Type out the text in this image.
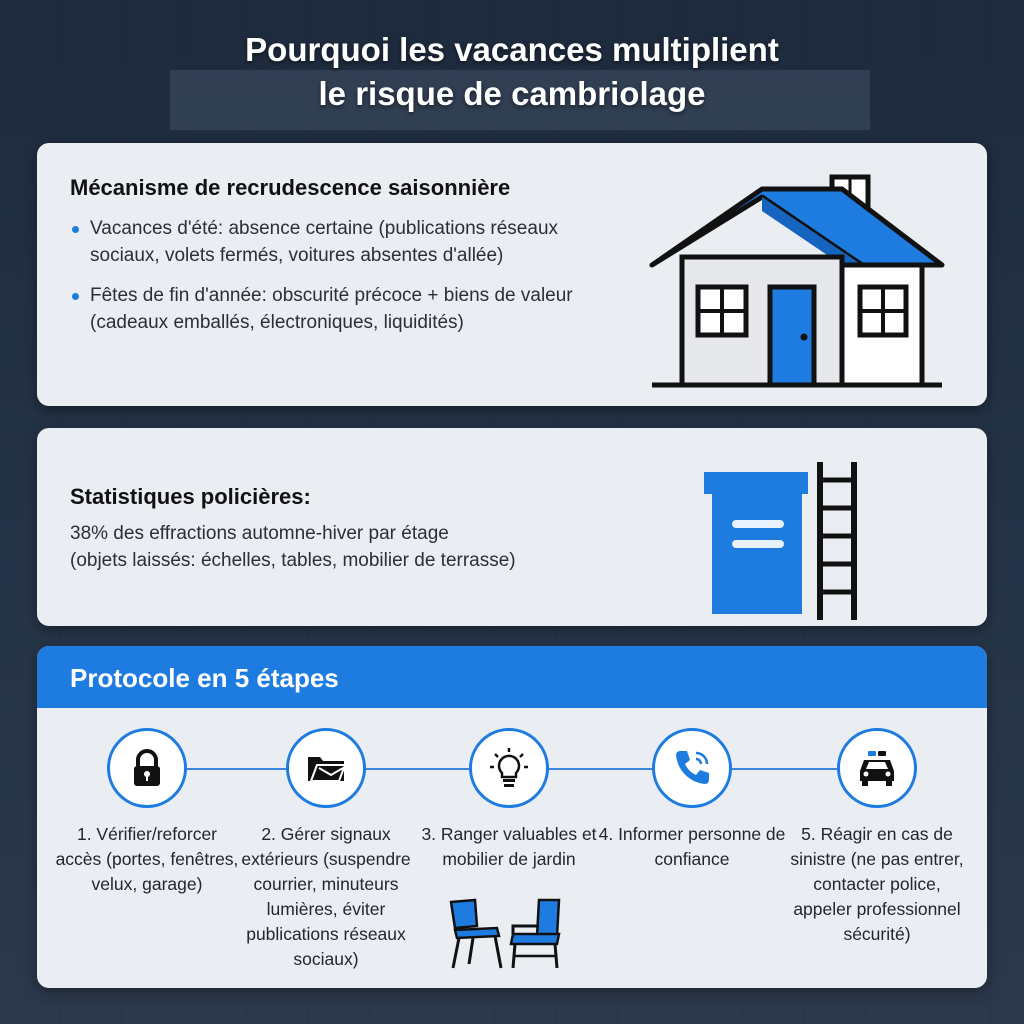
Pourquoi les vacances multiplient
le risque de cambriolage
Mécanisme de recrudescence saisonnière
Vacances d'été: absence certaine (publications réseaux sociaux, volets fermés, voitures absentes d'allée)
Fêtes de fin d'année: obscurité précoce + biens de valeur (cadeaux emballés, électroniques, liquidités)
Statistiques policières:
38% des effractions automne-hiver par étage
(objets laissés: échelles, tables, mobilier de terrasse)
Protocole en 5 étapes
1. Vérifier/reforcer accès (portes, fenêtres, velux, garage)
2. Gérer signaux extérieurs (suspendre courrier, minuteurs lumières, éviter publications réseaux sociaux)
3. Ranger valuables et mobilier de jardin
4. Informer personne de confiance
5. Réagir en cas de sinistre (ne pas entrer, contacter police, appeler professionnel sécurité)
